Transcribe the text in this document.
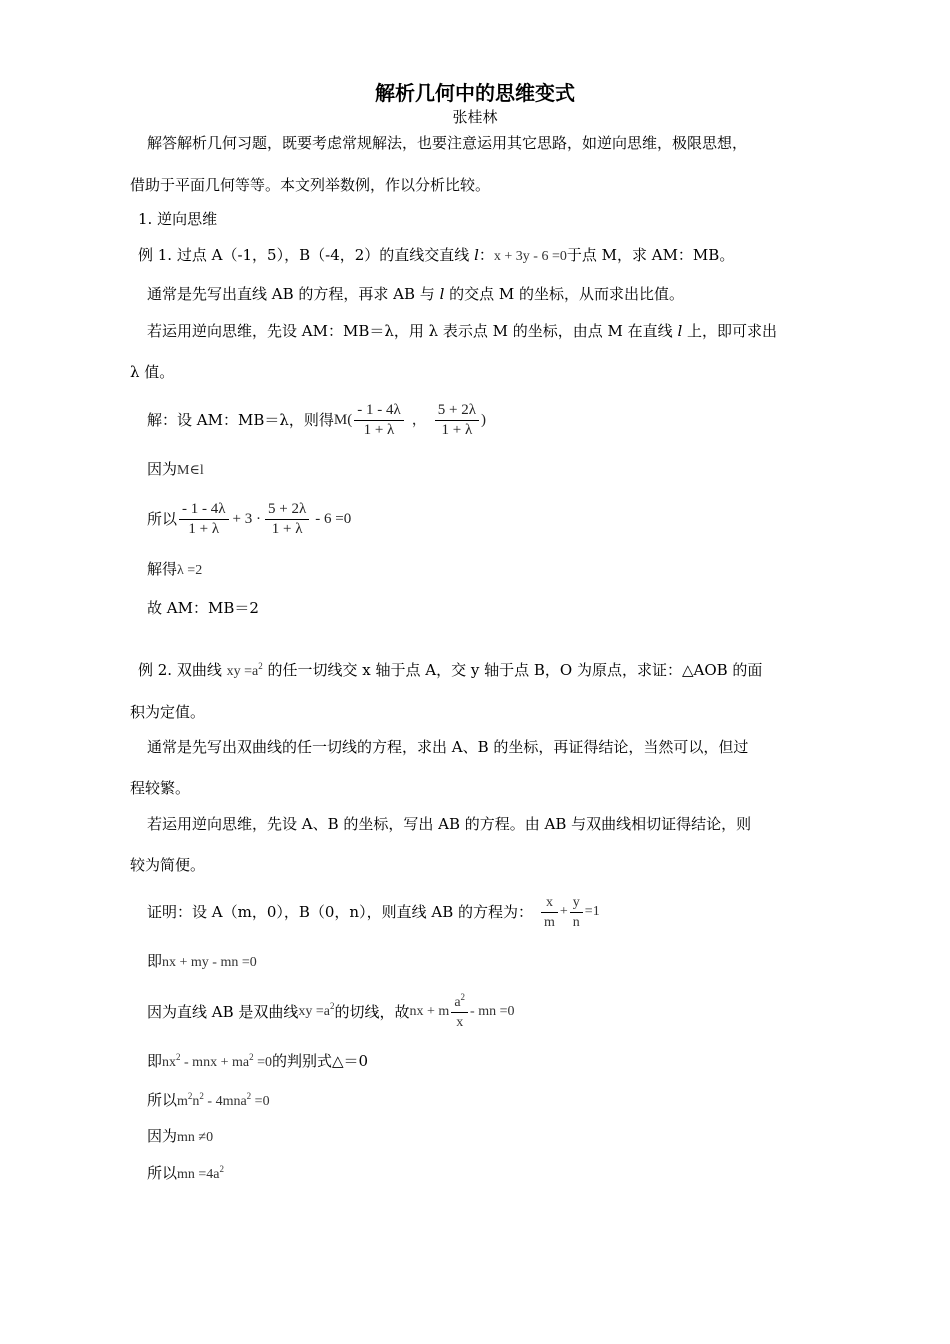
解析几何中的思维变式
张桂林
解答解析几何习题，既要考虑常规解法，也要注意运用其它思路，如逆向思维，极限思想，
借助于平面几何等等。本文列举数例，作以分析比较。
1. 逆向思维
例 1. 过点 A（-1，5），B（-4，2）的直线交直线 l：x + 3y - 6 =0于点 M，求 AM：MB。
通常是先写出直线 AB 的方程，再求 AB 与 l 的交点 M 的坐标，从而求出比值。
若运用逆向思维，先设 AM：MB＝λ，用 λ 表示点 M 的坐标，由点 M 在直线 l 上，即可求出
λ 值。
解：设 AM：MB＝λ，则得 $M( \frac{- 1 - 4\lambda}{1 + \lambda}$ ， $\frac{5 + 2\lambda}{1 + \lambda}$ )
因为M∈l
所以 $\frac{- 1 - 4\lambda}{1 + \lambda} + 3 \cdot \frac{5 + 2\lambda}{1 + \lambda} - 6 =0$
解得λ =2
故 AM：MB＝2
例 2. 双曲线 xy $=a^2$ 的任一切线交 x 轴于点 A，交 y 轴于点 B，O 为原点，求证：△AOB 的面
积为定值。
通常是先写出双曲线的任一切线的方程，求出 A、B 的坐标，再证得结论，当然可以，但过
程较繁。
若运用逆向思维，先设 A、B 的坐标，写出 AB 的方程。由 AB 与双曲线相切证得结论，则
较为简便。
证明：设 A（m，0），B（0，n），则直线 AB 的方程为： $\frac{x}{m} + \frac{y}{n} =1$
即nx + my - mn =0
因为直线 AB 是双曲线 xy $=a^2$ 的切线，故 nx + m $\frac{a^2}{x}$ - mn =0
即$nx^2$ - mnx + $ma^2 =0$的判别式△＝0
所以$m^2n^2 - 4mna^2 =0$
因为mn ≠0
所以mn $=4a^2$
